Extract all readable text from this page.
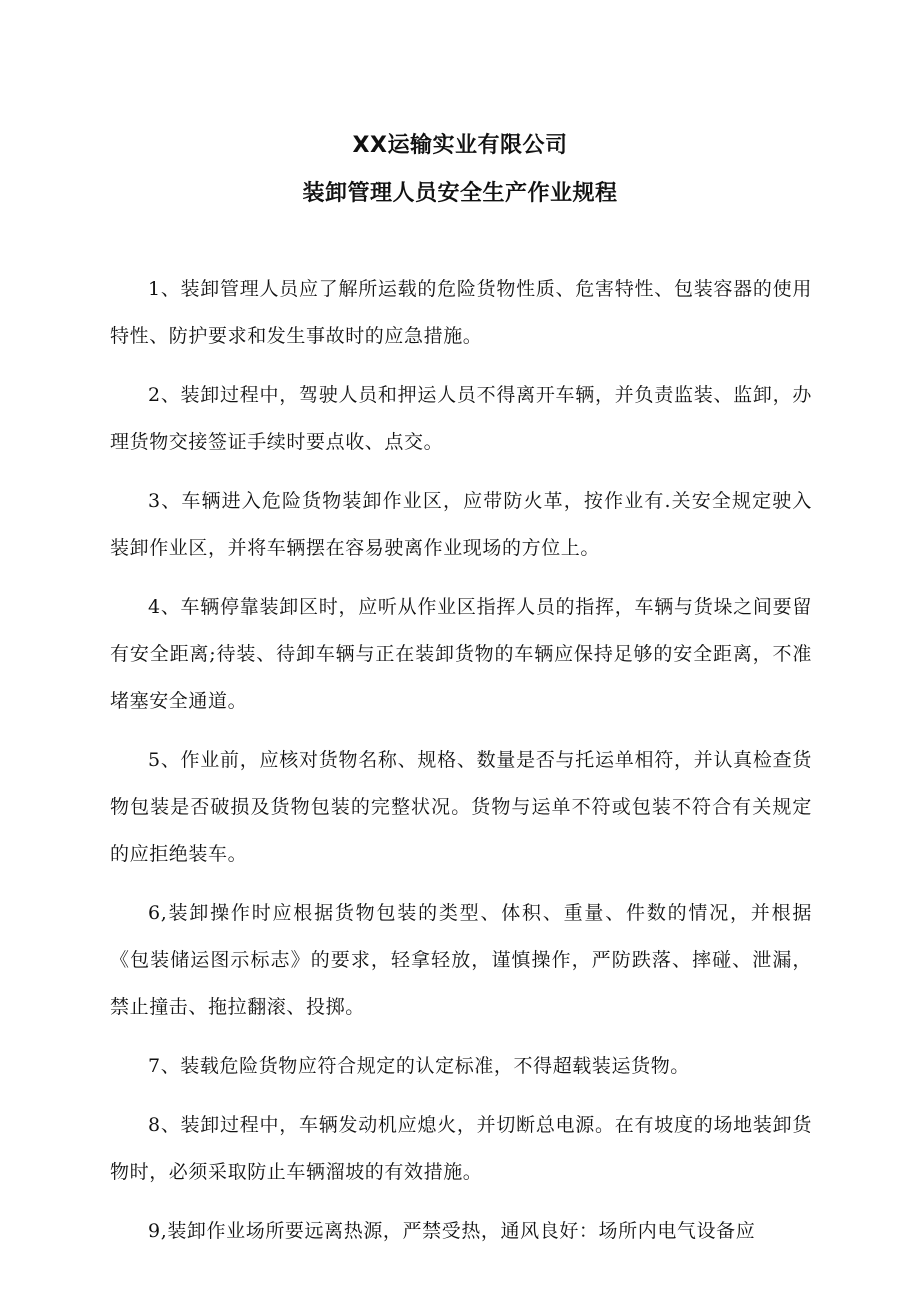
XX运输实业有限公司
装卸管理人员安全生产作业规程

1、装卸管理人员应了解所运载的危险货物性质、危害特性、包装容器的使用特性、防护要求和发生事故时的应急措施。

2、装卸过程中，驾驶人员和押运人员不得离开车辆，并负责监装、监卸，办理货物交接签证手续时要点收、点交。

3、车辆进入危险货物装卸作业区，应带防火革，按作业有.关安全规定驶入装卸作业区，并将车辆摆在容易驶离作业现场的方位上。

4、车辆停靠装卸区时，应听从作业区指挥人员的指挥，车辆与货垛之间要留有安全距离;待装、待卸车辆与正在装卸货物的车辆应保持足够的安全距离，不准堵塞安全通道。

5、作业前，应核对货物名称、规格、数量是否与托运单相符，并认真检查货物包装是否破损及货物包装的完整状况。货物与运单不符或包装不符合有关规定的应拒绝装车。

6,装卸操作时应根据货物包装的类型、体积、重量、件数的情况，并根据《包装储运图示标志》的要求，轻拿轻放，谨慎操作，严防跌落、摔碰、泄漏，禁止撞击、拖拉翻滚、投掷。

7、装载危险货物应符合规定的认定标准，不得超载装运货物。

8、装卸过程中，车辆发动机应熄火，并切断总电源。在有坡度的场地装卸货物时，必须采取防止车辆溜坡的有效措施。

9,装卸作业场所要远离热源，严禁受热，通风良好：场所内电气设备应
